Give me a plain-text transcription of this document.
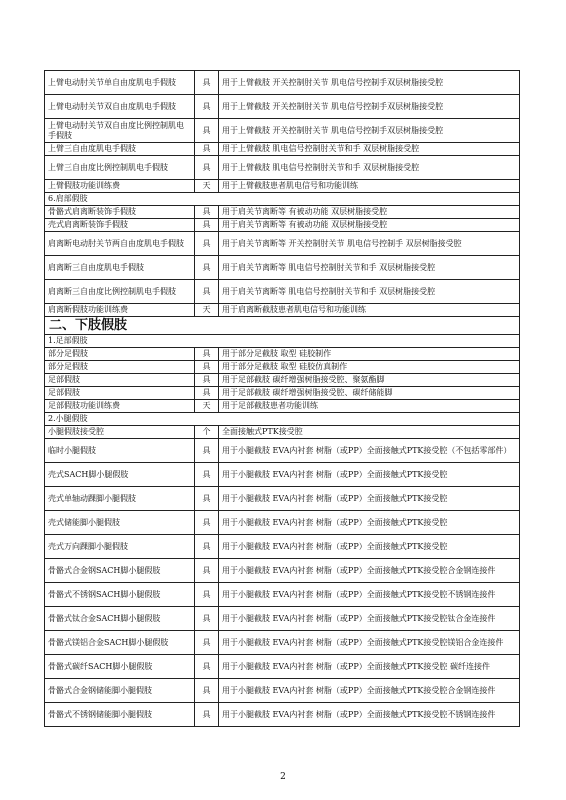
上臂电动肘关节单自由度肌电手假肢	具	用于上臂截肢 开关控制肘关节 肌电信号控制手双层树脂接受腔
上臂电动肘关节双自由度肌电手假肢	具	用于上臂截肢 开关控制肘关节 肌电信号控制手双层树脂接受腔
上臂电动肘关节双自由度比例控制肌电手假肢	具	用于上臂截肢 开关控制肘关节 肌电信号控制手双层树脂接受腔
上臂三自由度肌电手假肢	具	用于上臂截肢 肌电信号控制肘关节和手 双层树脂接受腔
上臂三自由度比例控制肌电手假肢	具	用于上臂截肢 肌电信号控制肘关节和手 双层树脂接受腔
上臂假肢功能训练费	天	用于上臂截肢患者肌电信号和功能训练
6.肩部假肢		
骨骼式肩离断装饰手假肢	具	用于肩关节离断等 有被动功能 双层树脂接受腔
壳式肩离断装饰手假肢	具	用于肩关节离断等 有被动功能 双层树脂接受腔
肩离断电动肘关节两自由度肌电手假肢	具	用于肩关节离断等 开关控制肘关节 肌电信号控制手 双层树脂接受腔
肩离断三自由度肌电手假肢	具	用于肩关节离断等 肌电信号控制肘关节和手 双层树脂接受腔
肩离断三自由度比例控制肌电手假肢	具	用于肩关节离断等 肌电信号控制肘关节和手 双层树脂接受腔
肩离断假肢功能训练费	天	用于肩离断截肢患者肌电信号和功能训练
二、下肢假肢		
1.足部假肢		
部分足假肢	具	用于部分足截肢 取型 硅胶制作
部分足假肢	具	用于部分足截肢 取型 硅胶仿真制作
足部假肢	具	用于足部截肢 碳纤增强树脂接受腔、聚氨酯脚
足部假肢	具	用于足部截肢 碳纤增强树脂接受腔、碳纤储能脚
足部假肢功能训练费	天	用于足部截肢患者功能训练
2.小腿假肢		
小腿假肢接受腔	个	全面接触式PTK接受腔
临时小腿假肢	具	用于小腿截肢 EVA内衬套 树脂（或PP）全面接触式PTK接受腔（不包括零部件）
壳式SACH脚小腿假肢	具	用于小腿截肢 EVA内衬套 树脂（或PP）全面接触式PTK接受腔
壳式单轴动踝脚小腿假肢	具	用于小腿截肢 EVA内衬套 树脂（或PP）全面接触式PTK接受腔
壳式储能脚小腿假肢	具	用于小腿截肢 EVA内衬套 树脂（或PP）全面接触式PTK接受腔
壳式万向踝脚小腿假肢	具	用于小腿截肢 EVA内衬套 树脂（或PP）全面接触式PTK接受腔
骨骼式合金钢SACH脚小腿假肢	具	用于小腿截肢 EVA内衬套 树脂（或PP）全面接触式PTK接受腔合金钢连接件
骨骼式不锈钢SACH脚小腿假肢	具	用于小腿截肢 EVA内衬套 树脂（或PP）全面接触式PTK接受腔不锈钢连接件
骨骼式钛合金SACH脚小腿假肢	具	用于小腿截肢 EVA内衬套 树脂（或PP）全面接触式PTK接受腔钛合金连接件
骨骼式镁铝合金SACH脚小腿假肢	具	用于小腿截肢 EVA内衬套 树脂（或PP）全面接触式PTK接受腔镁铝合金连接件
骨骼式碳纤SACH脚小腿假肢	具	用于小腿截肢 EVA内衬套 树脂（或PP）全面接触式PTK接受腔 碳纤连接件
骨骼式合金钢储能脚小腿假肢	具	用于小腿截肢 EVA内衬套 树脂（或PP）全面接触式PTK接受腔合金钢连接件
骨骼式不锈钢储能脚小腿假肢	具	用于小腿截肢 EVA内衬套 树脂（或PP）全面接触式PTK接受腔不锈钢连接件
2
